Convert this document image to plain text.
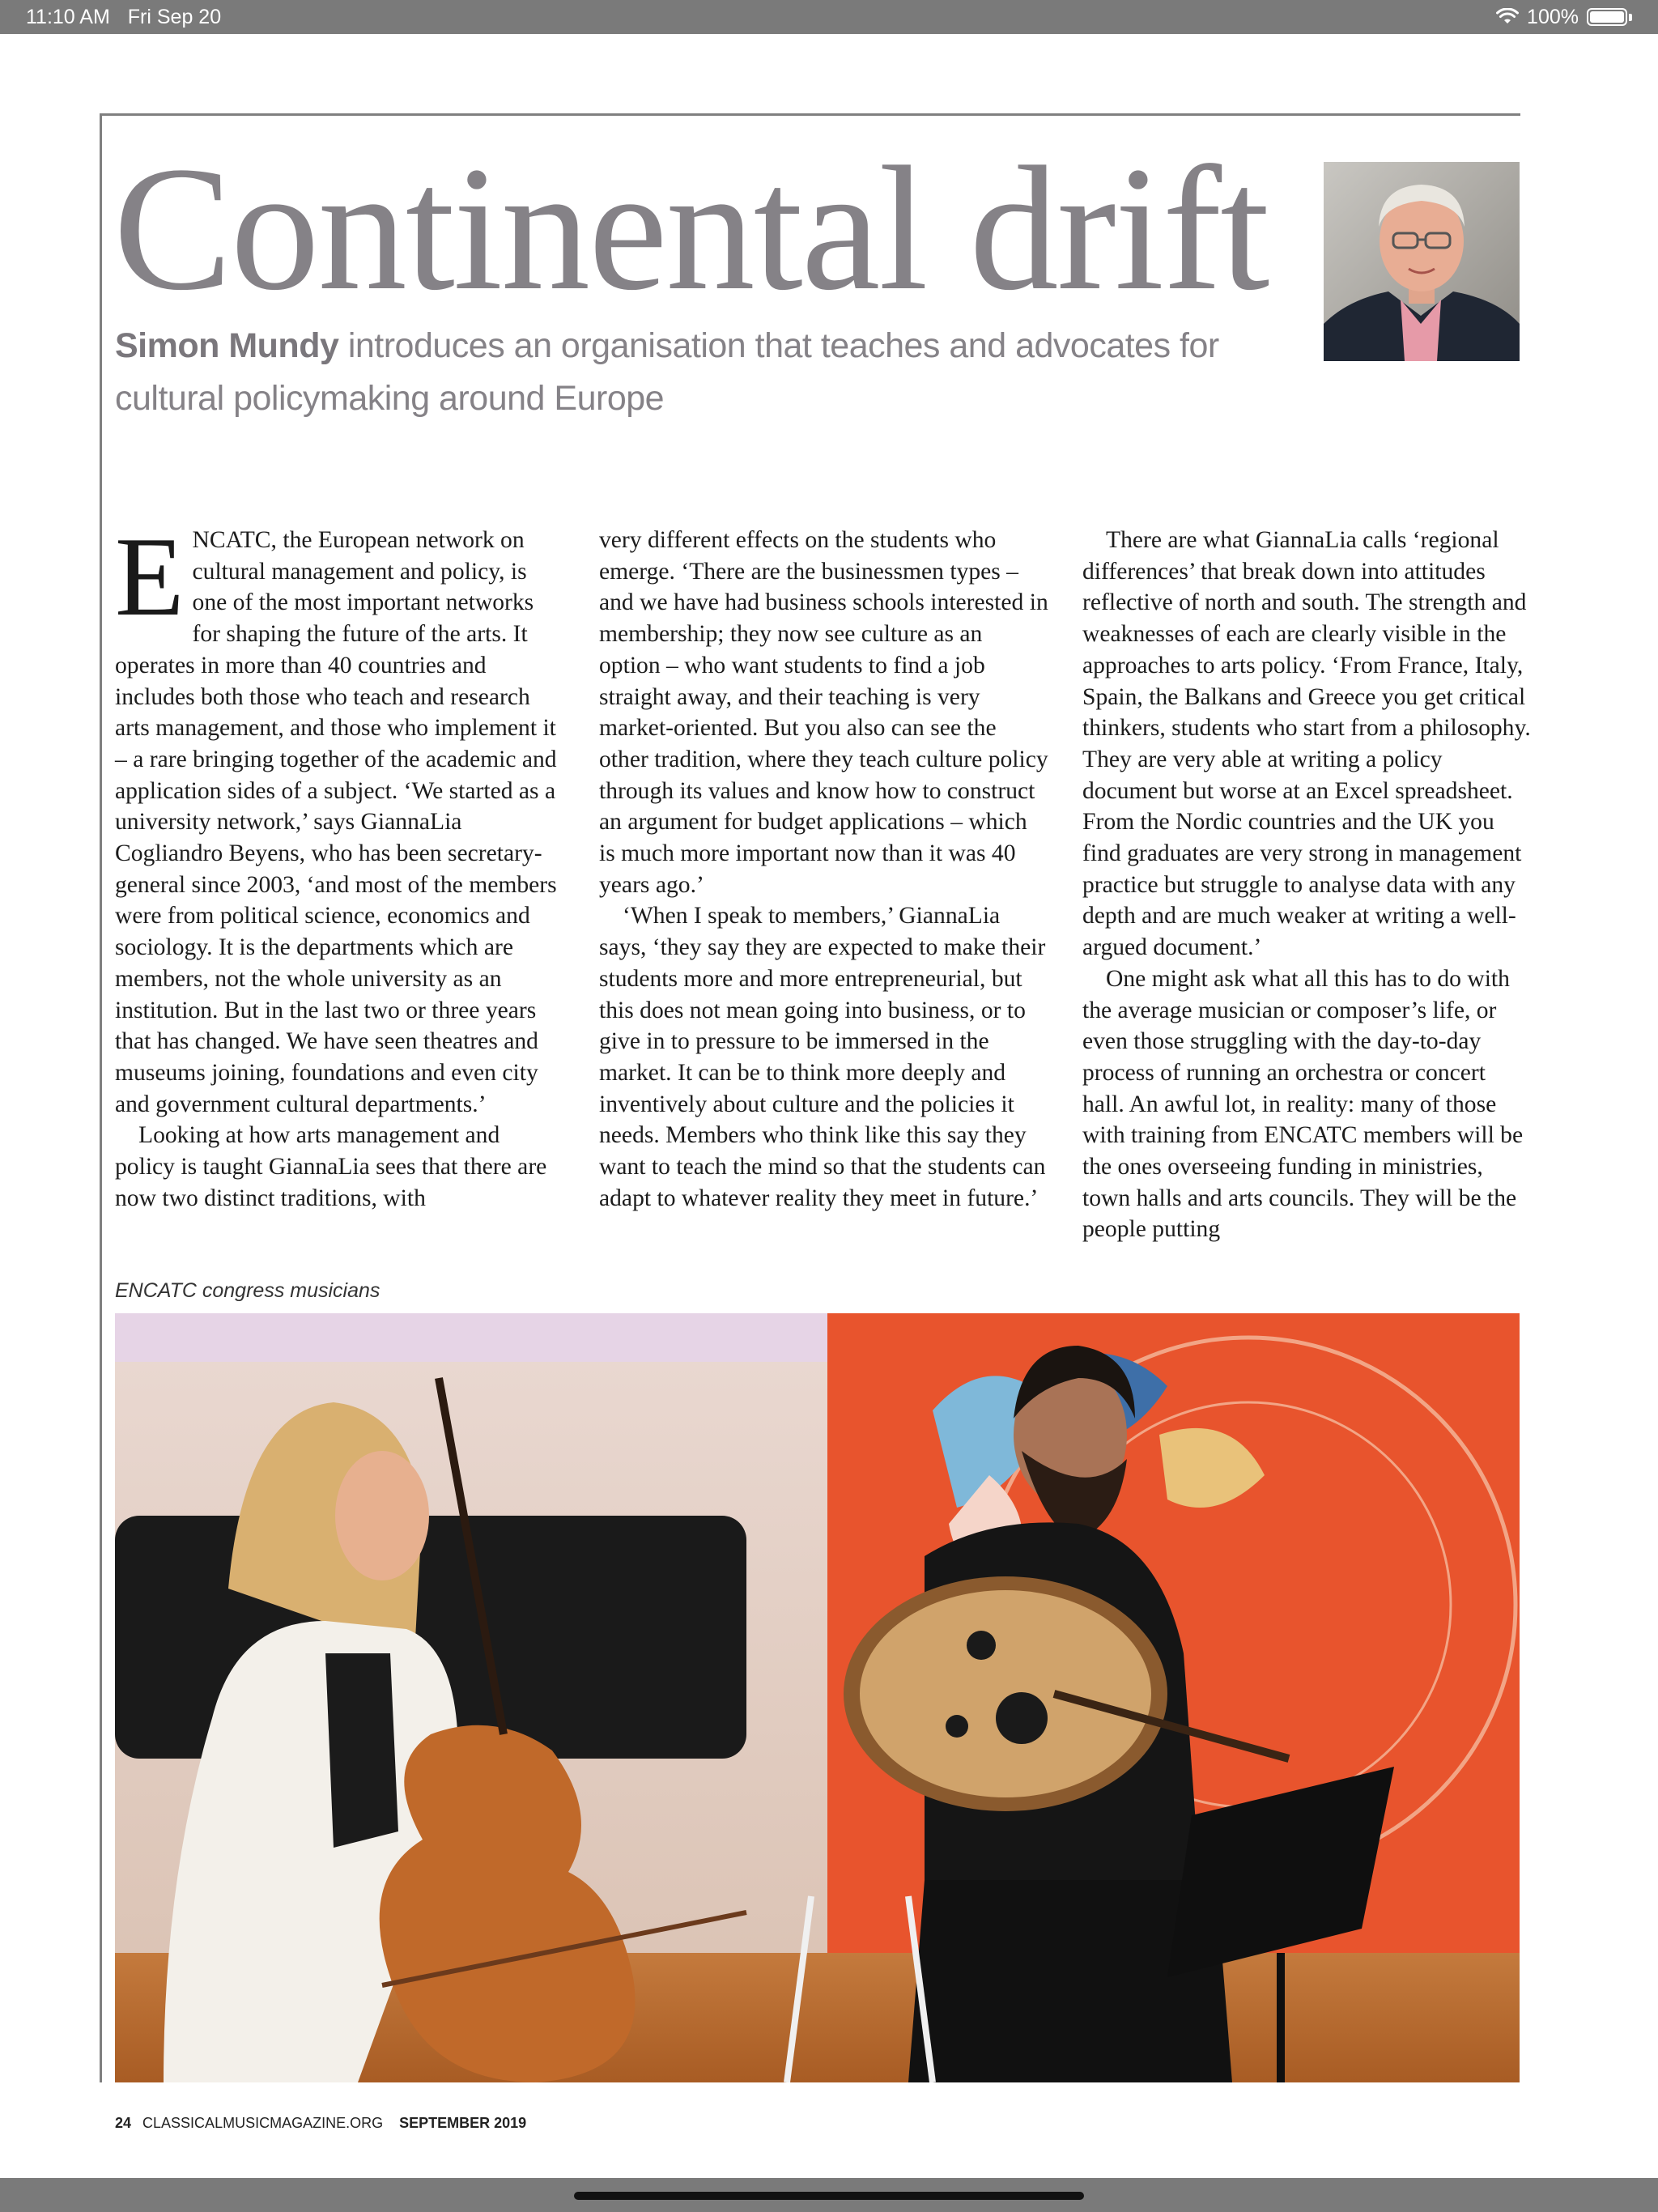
11:10 AM Fri Sep 20	100%
Continental drift

Simon Mundy introduces an organisation that teaches and advocates for cultural policymaking around Europe

ENCATC, the European network on cultural management and policy, is one of the most important networks for shaping the future of the arts. It operates in more than 40 countries and includes both those who teach and research arts management, and those who implement it – a rare bringing together of the academic and application sides of a subject. ‘We started as a university network,’ says GiannaLia Cogliandro Beyens, who has been secretary-general since 2003, ‘and most of the members were from political science, economics and sociology. It is the departments which are members, not the whole university as an institution. But in the last two or three years that has changed. We have seen theatres and museums joining, foundations and even city and government cultural departments.’

Looking at how arts management and policy is taught GiannaLia sees that there are now two distinct traditions, with

very different effects on the students who emerge. ‘There are the businessmen types – and we have had business schools interested in membership; they now see culture as an option – who want students to find a job straight away, and their teaching is very market-oriented. But you also can see the other tradition, where they teach culture policy through its values and know how to construct an argument for budget applications – which is much more important now than it was 40 years ago.’

‘When I speak to members,’ GiannaLia says, ‘they say they are expected to make their students more and more entrepreneurial, but this does not mean going into business, or to give in to pressure to be immersed in the market. It can be to think more deeply and inventively about culture and the policies it needs. Members who think like this say they want to teach the mind so that the students can adapt to whatever reality they meet in future.’

There are what GiannaLia calls ‘regional differences’ that break down into attitudes reflective of north and south. The strength and weaknesses of each are clearly visible in the approaches to arts policy. ‘From France, Italy, Spain, the Balkans and Greece you get critical thinkers, students who start from a philosophy. They are very able at writing a policy document but worse at an Excel spreadsheet. From the Nordic countries and the UK you find graduates are very strong in management practice but struggle to analyse data with any depth and are much weaker at writing a well-argued document.’

One might ask what all this has to do with the average musician or composer’s life, or even those struggling with the day-to-day process of running an orchestra or concert hall. An awful lot, in reality: many of those with training from ENCATC members will be the ones overseeing funding in ministries, town halls and arts councils. They will be the people putting

ENCATC congress musicians
24 CLASSICALMUSICMAGAZINE.ORG SEPTEMBER 2019
